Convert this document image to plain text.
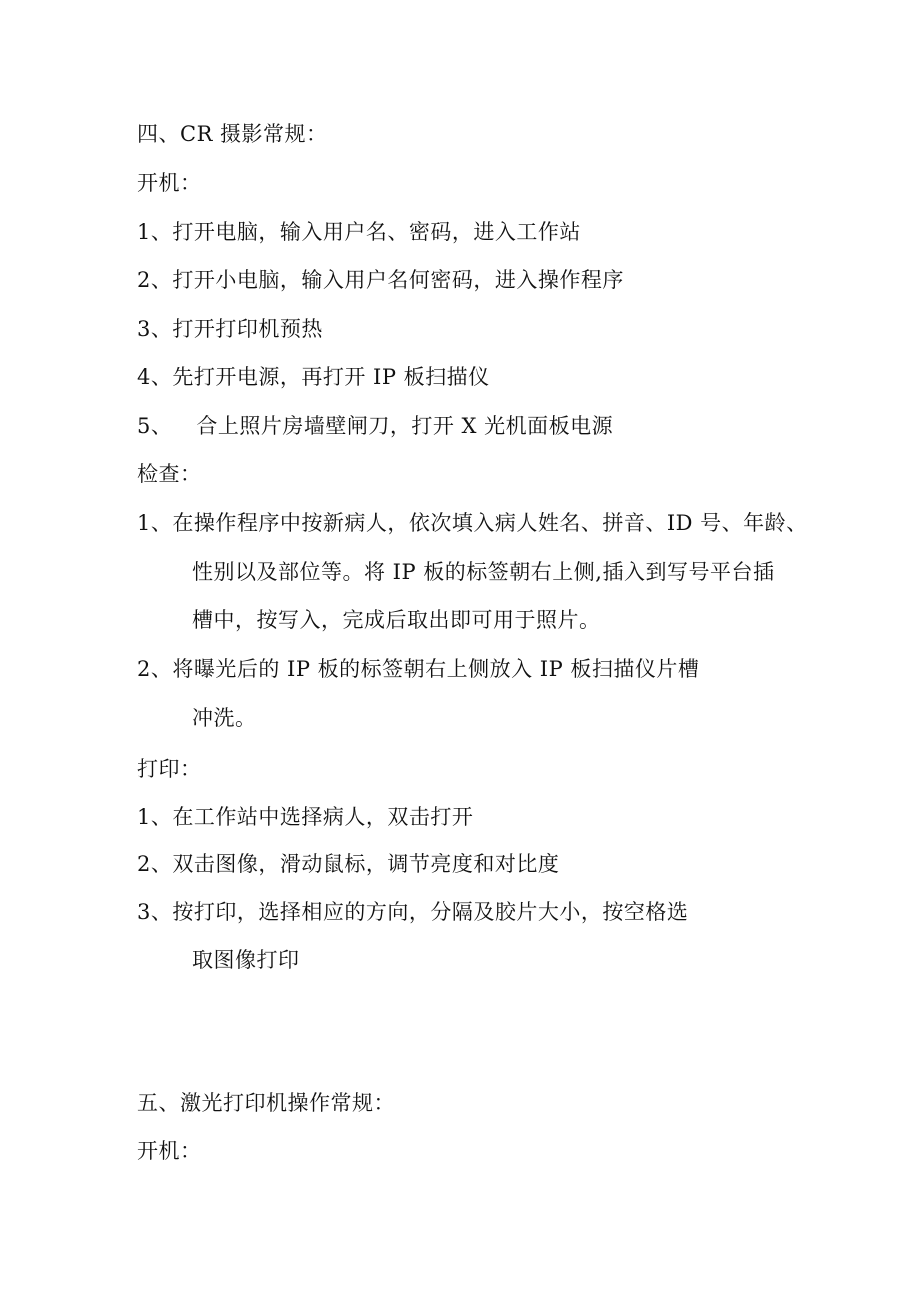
四、CR 摄影常规：
开机：
1、打开电脑，输入用户名、密码，进入工作站
2、打开小电脑，输入用户名何密码，进入操作程序
3、打开打印机预热
4、先打开电源，再打开 IP 板扫描仪
5、 合上照片房墙壁闸刀，打开 X 光机面板电源
检查：
1、在操作程序中按新病人，依次填入病人姓名、拼音、ID 号、年龄、
性别以及部位等。将 IP 板的标签朝右上侧,插入到写号平台插
槽中，按写入，完成后取出即可用于照片。
2、将曝光后的 IP 板的标签朝右上侧放入 IP 板扫描仪片槽
冲洗。
打印：
1、在工作站中选择病人，双击打开
2、双击图像，滑动鼠标，调节亮度和对比度
3、按打印，选择相应的方向，分隔及胶片大小，按空格选
取图像打印
五、激光打印机操作常规：
开机：
